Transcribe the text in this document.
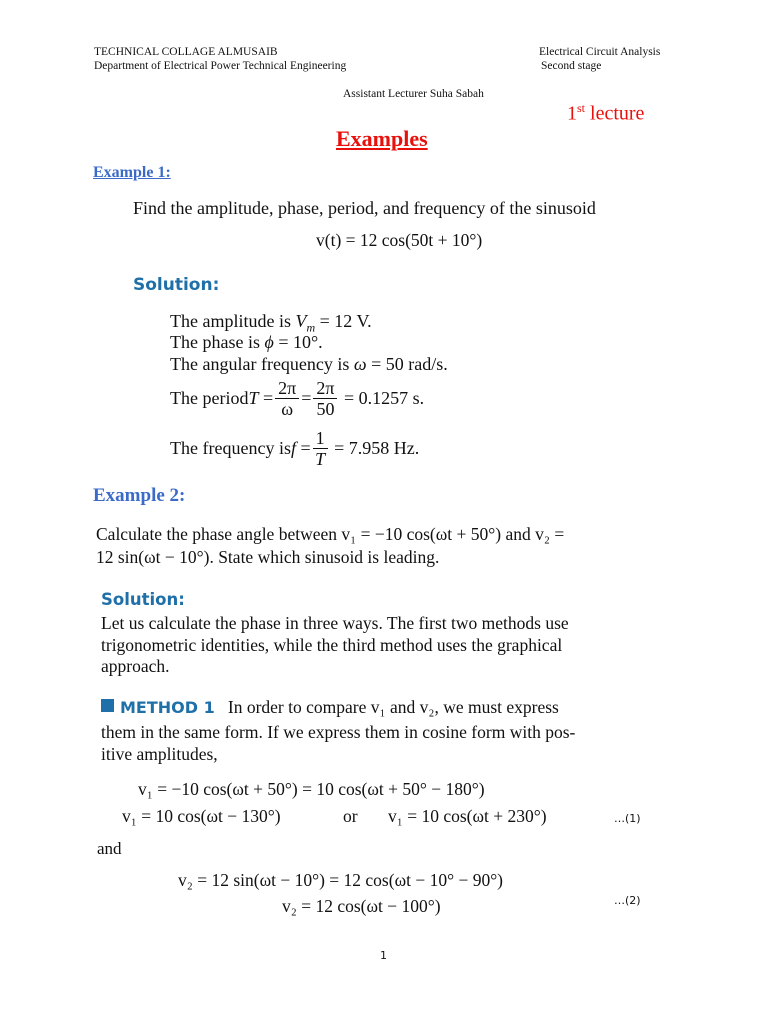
TECHNICAL COLLAGE ALMUSAIB
Department of Electrical Power Technical Engineering
Electrical Circuit Analysis
Second stage
Assistant Lecturer Suha Sabah
1st lecture
Examples
Example 1:
Find the amplitude, phase, period, and frequency of the sinusoid
v(t) = 12 cos(50t + 10°)
Solution:
The amplitude is $V_m = 12$ V.
The phase is ϕ = 10°.
The angular frequency is ω = 50 rad/s.
The period $T = \frac{2\pi}{\omega} = \frac{2\pi}{50}$
= 0.1257 s.
The frequency is $f = \frac{1}{T}$
= 7.958 Hz.
Example 2:
Calculate the phase angle between v₁ = −10 cos(ωt + 50°) and v₂ =
12 sin(ωt − 10°). State which sinusoid is leading.
Solution:
Let us calculate the phase in three ways. The first two methods use
trigonometric identities, while the third method uses the graphical
approach.
METHOD 1 In order to compare v₁ and v₂, we must express
them in the same form. If we express them in cosine form with pos-
itive amplitudes,
v₁ = −10 cos(ωt + 50°) = 10 cos(ωt + 50° − 180°)
v₁ = 10 cos(ωt − 130°)	or v₁ = 10 cos(ωt + 230°)	…(1)
and
v₂ = 12 sin(ωt − 10°) = 12 cos(ωt − 10° − 90°)
v₂ = 12 cos(ωt − 100°)	…(2)
1
